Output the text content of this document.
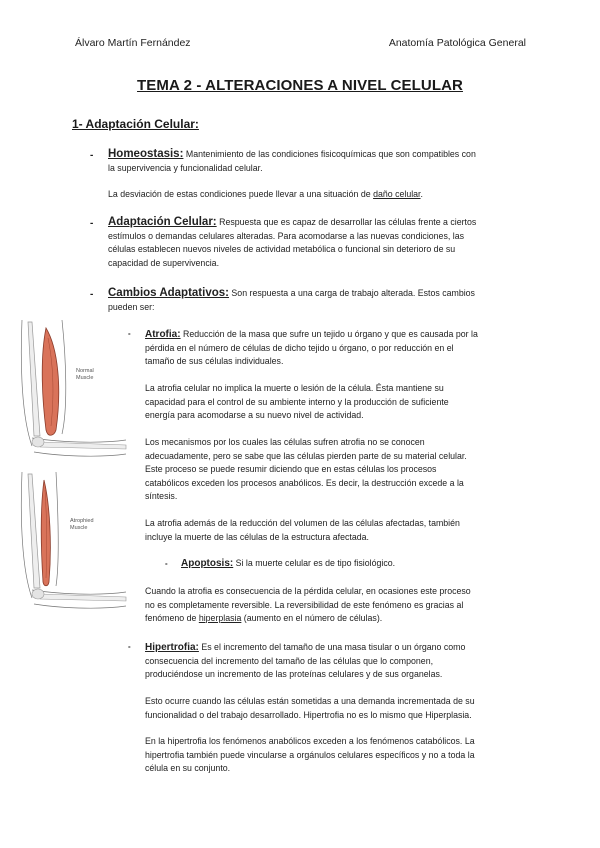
Álvaro Martín Fernández	Anatomía Patológica General
TEMA 2 - ALTERACIONES A NIVEL CELULAR
1- Adaptación Celular:
- Homeostasis: Mantenimiento de las condiciones fisicoquímicas que son compatibles con
la supervivencia y funcionalidad celular.
La desviación de estas condiciones puede llevar a una situación de daño celular.
- Adaptación Celular: Respuesta que es capaz de desarrollar las células frente a ciertos
estímulos o demandas celulares alteradas. Para acomodarse a las nuevas condiciones, las
células establecen nuevos niveles de actividad metabólica o funcional sin deterioro de su
capacidad de supervivencia.
- Cambios Adaptativos: Son respuesta a una carga de trabajo alterada. Estos cambios
pueden ser:
- Atrofia: Reducción de la masa que sufre un tejido u órgano y que es causada por la
pérdida en el número de células de dicho tejido u órgano, o por reducción en el
tamaño de sus células individuales.
La atrofia celular no implica la muerte o lesión de la célula. Ésta mantiene su
capacidad para el control de su ambiente interno y la producción de suficiente
energía para acomodarse a su nuevo nivel de actividad.
Los mecanismos por los cuales las células sufren atrofia no se conocen
adecuadamente, pero se sabe que las células pierden parte de su material celular.
Este proceso se puede resumir diciendo que en estas células los procesos
catabólicos exceden los procesos anabólicos. Es decir, la destrucción excede a la
síntesis.
La atrofia además de la reducción del volumen de las células afectadas, también
incluye la muerte de las células de la estructura afectada.
- Apoptosis: Si la muerte celular es de tipo fisiológico.
Cuando la atrofia es consecuencia de la pérdida celular, en ocasiones este proceso
no es completamente reversible. La reversibilidad de este fenómeno es gracias al
fenómeno de hiperplasia (aumento en el número de células).
- Hipertrofia: Es el incremento del tamaño de una masa tisular o un órgano como
consecuencia del incremento del tamaño de las células que lo componen,
produciéndose un incremento de las proteínas celulares y de sus organelas.
Esto ocurre cuando las células están sometidas a una demanda incrementada de su
funcionalidad o del trabajo desarrollado. Hipertrofia no es lo mismo que Hiperplasia.
En la hipertrofia los fenómenos anabólicos exceden a los fenómenos catabólicos. La
hipertrofia también puede vincularse a orgánulos celulares específicos y no a toda la
célula en su conjunto.
Normal
Muscle
Atrophied
Muscle
